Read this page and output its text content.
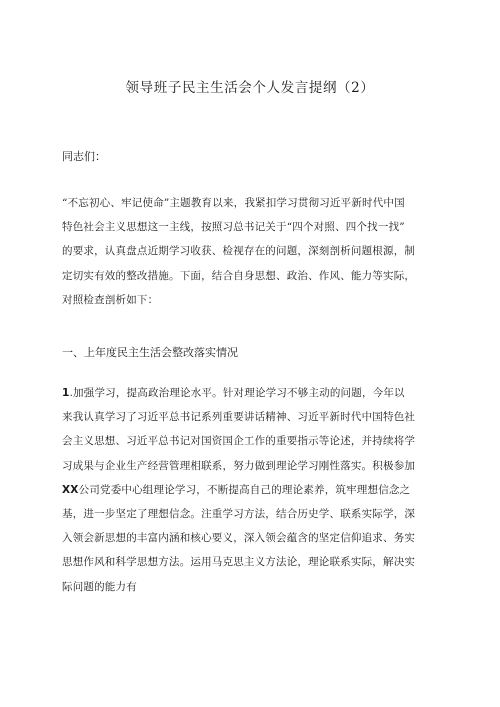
领导班子民主生活会个人发言提纲（2）
同志们：
“不忘初心、牢记使命”主题教育以来，我紧扣学习贯彻习近平新时代中国
特色社会主义思想这一主线，按照习总书记关于“四个对照、四个找一找”
的要求，认真盘点近期学习收获、检视存在的问题，深刻剖析问题根源，制
定切实有效的整改措施。下面，结合自身思想、政治、作风、能力等实际，
对照检查剖析如下：
一、上年度民主生活会整改落实情况
1.加强学习，提高政治理论水平。针对理论学习不够主动的问题，今年以
来我认真学习了习近平总书记系列重要讲话精神、习近平新时代中国特色社
会主义思想、习近平总书记对国资国企工作的重要指示等论述，并持续将学
习成果与企业生产经营管理相联系，努力做到理论学习刚性落实。积极参加
XX公司党委中心组理论学习，不断提高自己的理论素养，筑牢理想信念之
基，进一步坚定了理想信念。注重学习方法，结合历史学、联系实际学，深
入领会新思想的丰富内涵和核心要义，深入领会蕴含的坚定信仰追求、务实
思想作风和科学思想方法。运用马克思主义方法论，理论联系实际，解决实
际问题的能力有
